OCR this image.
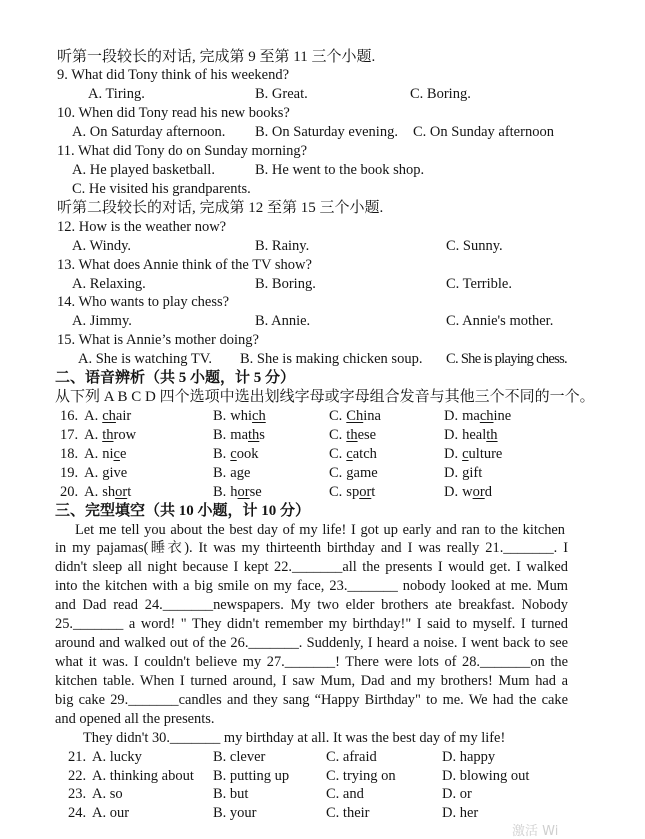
听第一段较长的对话, 完成第 9 至第 11 三个小题.
9. What did Tony think of his weekend?
A. Tiring.	B. Great.	C. Boring.
10. When did Tony read his new books?
A. On Saturday afternoon. B. On Saturday evening. C. On Sunday afternoon
11. What did Tony do on Sunday morning?
A. He played basketball.	B. He went to the book shop.
C. He visited his grandparents.
听第二段较长的对话, 完成第 12 至第 15 三个小题.
12. How is the weather now?
A. Windy.	B. Rainy.	C. Sunny.
13. What does Annie think of the TV show?
A. Relaxing.	B. Boring.	C. Terrible.
14. Who wants to play chess?
A. Jimmy.	B. Annie.	C. Annie's mother.
15. What is Annie’s mother doing?
A. She is watching TV. B. She is making chicken soup. C. She is playing chess.
二、语音辨析（共 5 小题，计 5 分）
从下列 A B C D 四个选项中选出划线字母或字母组合发音与其他三个不同的一个。
16. A. chair	B. which	C. China	D. machine
17. A. throw	B. maths	C. these	D. health
18. A. nice	B. cook	C. catch	D. culture
19. A. give	B. age	C. game	D. gift
20. A. short	B. horse	C. sport	D. word
三、完型填空（共 10 小题，计 10 分）
Let me tell you about the best day of my life! I got up early and ran to the kitchen
in my pajamas(睡衣). It was my thirteenth birthday and I was really 21._______. I
didn't sleep all night because I kept 22._______all the presents I would get. I walked
into the kitchen with a big smile on my face, 23._______ nobody looked at me. Mum
and Dad read 24._______newspapers. My two elder brothers ate breakfast. Nobody
25._______ a word! " They didn't remember my birthday!" I said to myself. I turned
around and walked out of the 26._______. Suddenly, I heard a noise. I went back to see
what it was. I couldn't believe my 27._______! There were lots of 28._______on the
kitchen table. When I turned around, I saw Mum, Dad and my brothers! Mum had a
big cake 29._______candles and they sang “Happy Birthday" to me. We had the cake
and opened all the presents.
They didn't 30._______ my birthday at all. It was the best day of my life!
21. A. lucky	B. clever	C. afraid	D. happy
22. A. thinking about B. putting up	C. trying on	D. blowing out
23. A. so	B. but	C. and	D. or
24. A. our	B. your	C. their	D. her
激活 Wi
